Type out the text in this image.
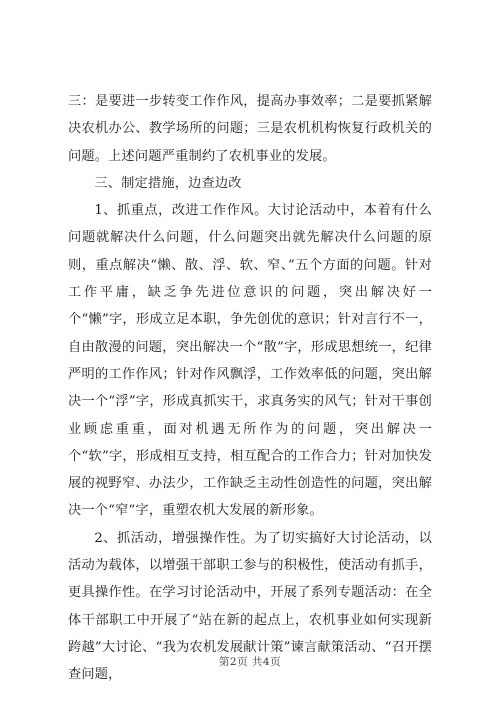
三：是要进一步转变工作作风，提高办事效率；二是要抓紧解决农机办公、教学场所的问题；三是农机机构恢复行政机关的问题。上述问题严重制约了农机事业的发展。

三、制定措施，边查边改

1、抓重点，改进工作作风。大讨论活动中，本着有什么问题就解决什么问题，什么问题突出就先解决什么问题的原则，重点解决“懒、散、浮、软、窄、”五个方面的问题。针对工作平庸，缺乏争先进位意识的问题，突出解决好一个“懒”字，形成立足本职，争先创优的意识；针对言行不一，自由散漫的问题，突出解决一个“散”字，形成思想统一，纪律严明的工作作风；针对作风飘浮，工作效率低的问题，突出解决一个“浮”字，形成真抓实干，求真务实的风气；针对干事创业顾虑重重，面对机遇无所作为的问题，突出解决一个“软”字，形成相互支持，相互配合的工作合力；针对加快发展的视野窄、办法少，工作缺乏主动性创造性的问题，突出解决一个“窄”字，重塑农机大发展的新形象。

2、抓活动，增强操作性。为了切实搞好大讨论活动，以活动为载体，以增强干部职工参与的积极性，使活动有抓手，更具操作性。在学习讨论活动中，开展了系列专题活动：在全体干部职工中开展了“站在新的起点上，农机事业如何实现新跨越”大讨论、“我为农机发展献计策”谏言献策活动、“召开摆查问题，

第2页 共4页
